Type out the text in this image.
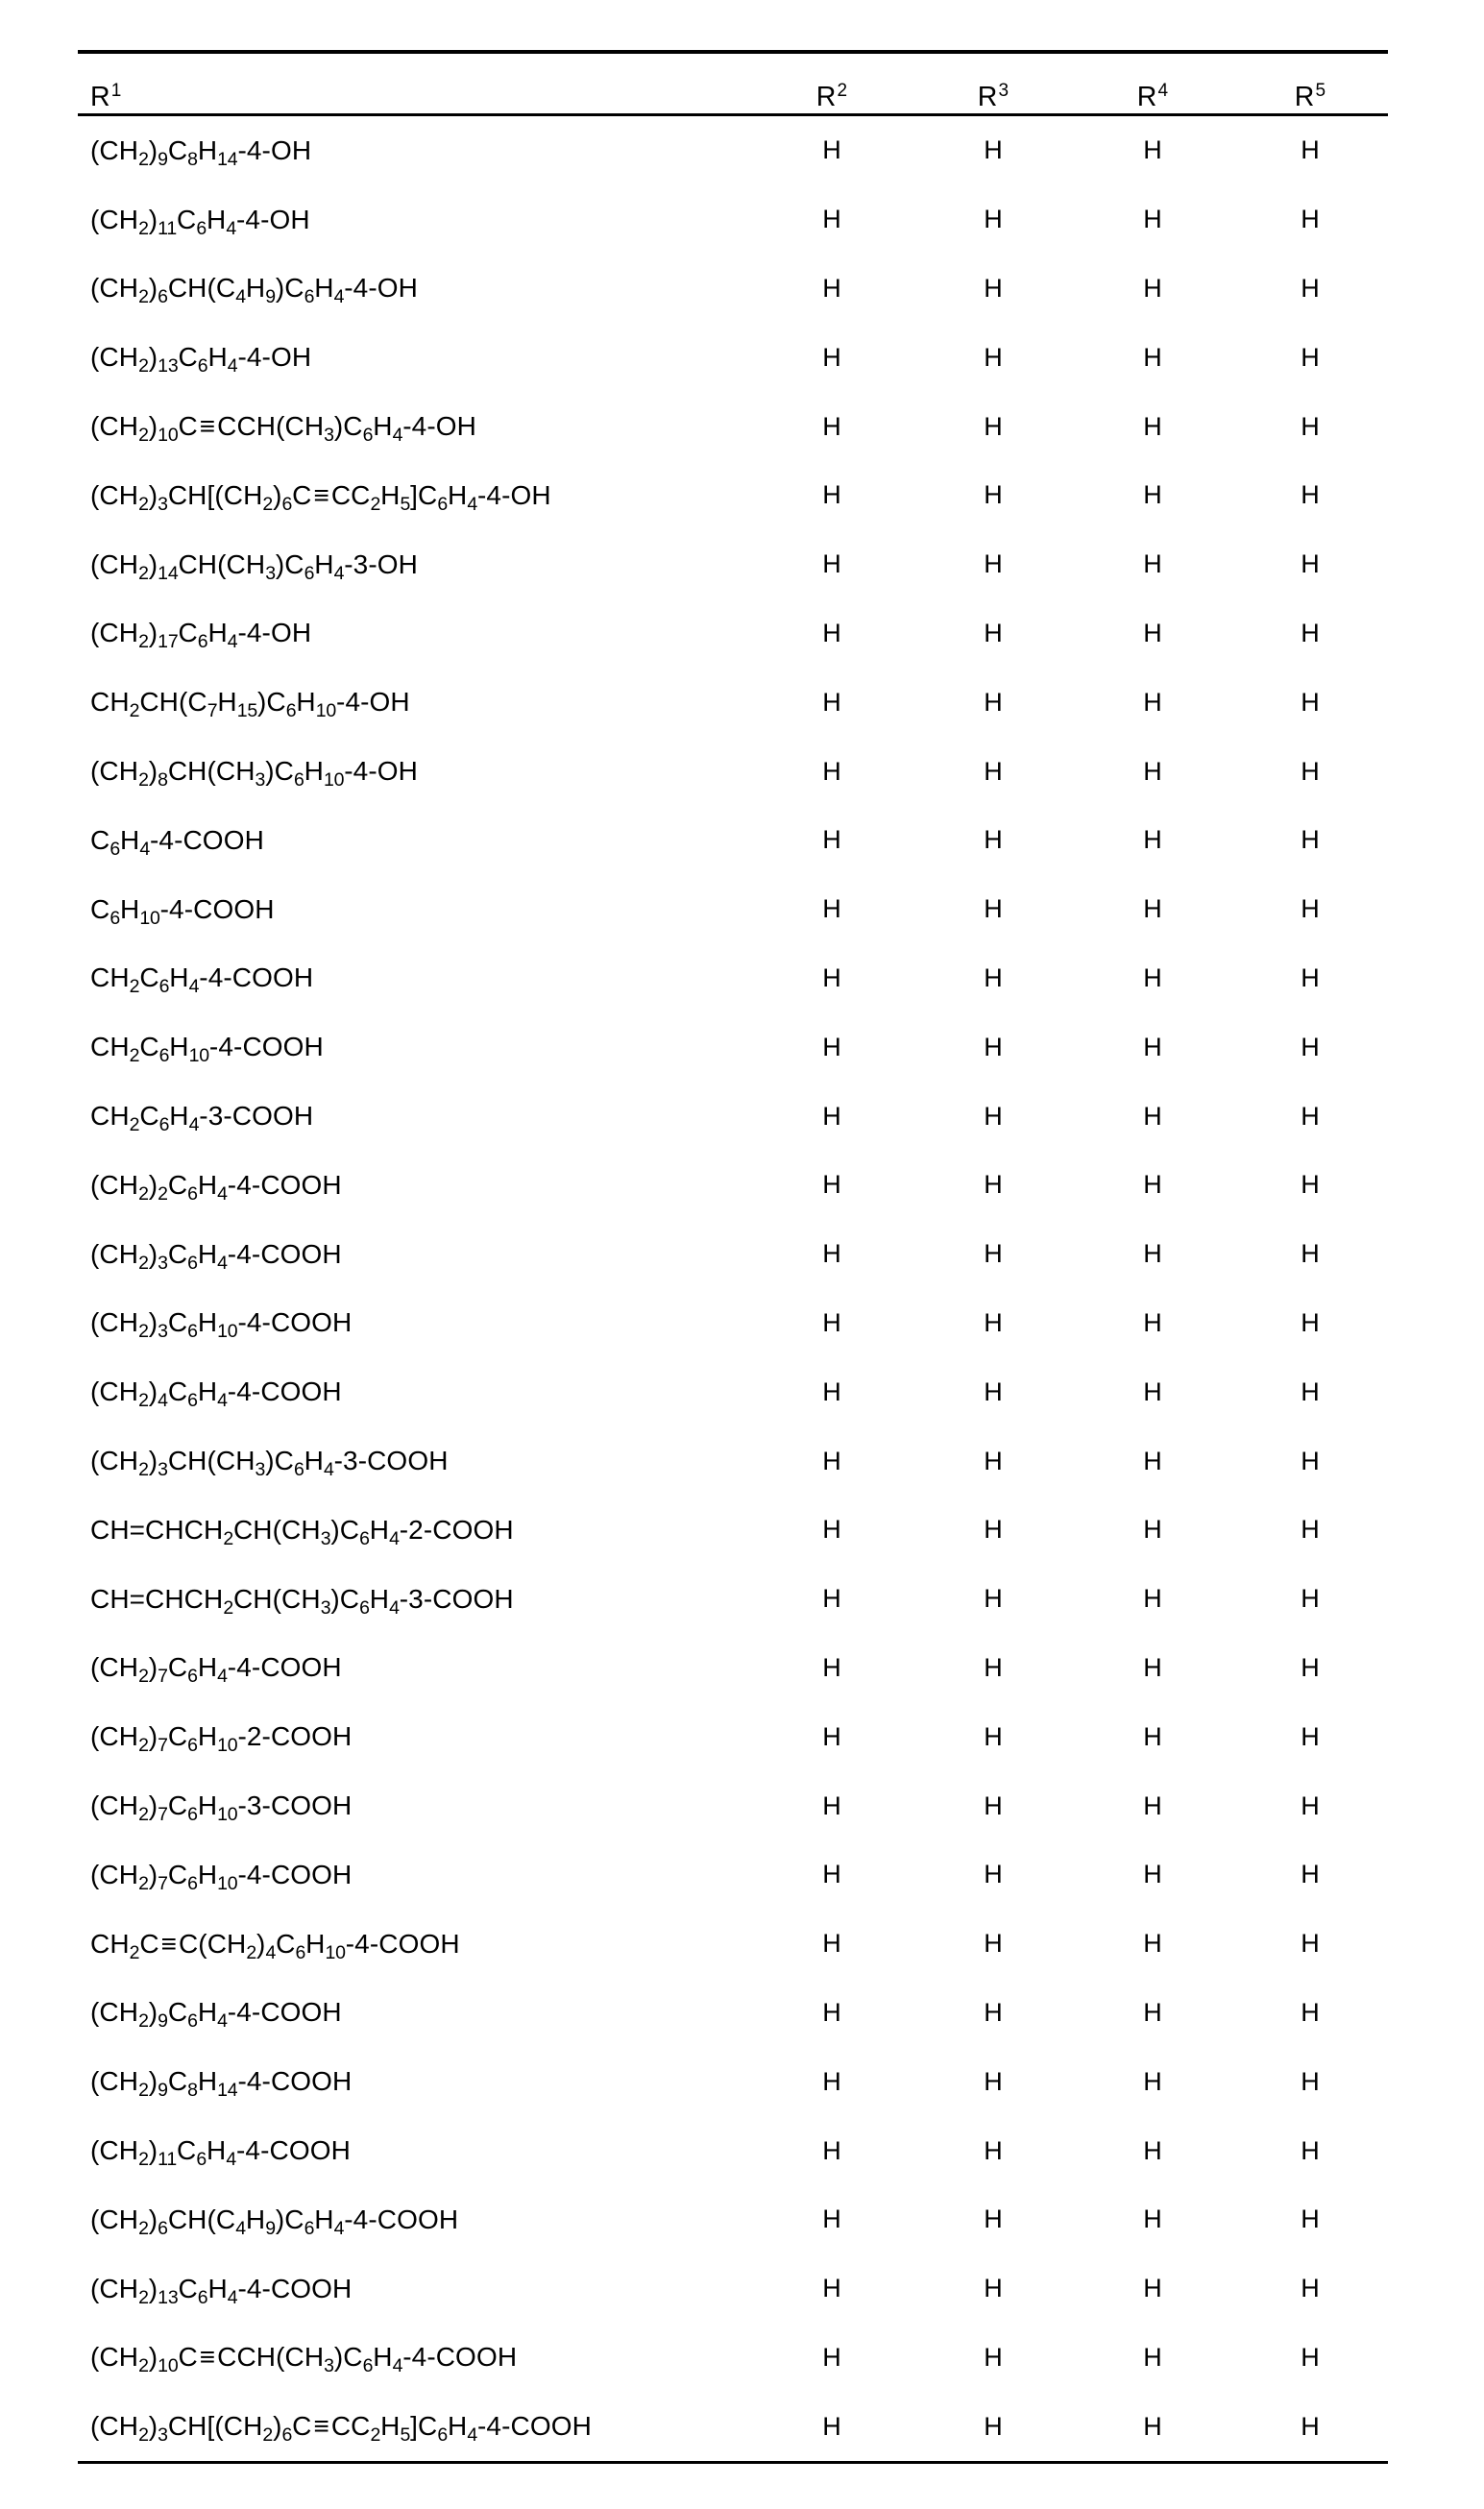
$R^1$	$R^2$	$R^3$	$R^4$	$R^5$

$(CH_2)_9C_8H_{14}-4-OH$	H	H	H	H
$(CH_2)_{11}C_6H_4-4-OH$	H	H	H	H
$(CH_2)_6CH(C_4H_9)C_6H_4-4-OH$	H	H	H	H
$(CH_2)_{13}C_6H_4-4-OH$	H	H	H	H
$(CH_2)_{10}C\equiv CCH(CH_3)C_6H_4-4-OH$	H	H	H	H
$(CH_2)_3CH[(CH_2)_6C\equiv CC_2H_5]C_6H_4-4-OH$	H	H	H	H
$(CH_2)_{14}CH(CH_3)C_6H_4-3-OH$	H	H	H	H
$(CH_2)_{17}C_6H_4-4-OH$	H	H	H	H
$CH_2CH(C_7H_{15})C_6H_{10}-4-OH$	H	H	H	H
$(CH_2)_8CH(CH_3)C_6H_{10}-4-OH$	H	H	H	H
$C_6H_4-4$-COOH	H	H	H	H
$C_6H_{10}-4$-COOH	H	H	H	H
$CH_2C_6H_4-4$-COOH	H	H	H	H
$CH_2C_6H_{10}-4$-COOH	H	H	H	H
$CH_2C_6H_4-3$-COOH	H	H	H	H
$(CH_2)_2C_6H_4-4$-COOH	H	H	H	H
$(CH_2)_3C_6H_4-4$-COOH	H	H	H	H
$(CH_2)_3C_6H_{10}-4$-COOH	H	H	H	H
$(CH_2)_4C_6H_4-4$-COOH	H	H	H	H
$(CH_2)_3CH(CH_3)C_6H_4-3$-COOH	H	H	H	H
$CH=CHCH_2CH(CH_3)C_6H_4-2$-COOH	H	H	H	H
$CH=CHCH_2CH(CH_3)C_6H_4-3$-COOH	H	H	H	H
$(CH_2)_7C_6H_4-4$-COOH	H	H	H	H
$(CH_2)_7C_6H_{10}-2$-COOH	H	H	H	H
$(CH_2)_7C_6H_{10}-3$-COOH	H	H	H	H
$(CH_2)_7C_6H_{10}-4$-COOH	H	H	H	H
$CH_2C\equiv C(CH_2)_4C_6H_{10}-4$-COOH	H	H	H	H
$(CH_2)_9C_6H_4-4$-COOH	H	H	H	H
$(CH_2)_9C_8H_{14}-4$-COOH	H	H	H	H
$(CH_2)_{11}C_6H_4-4$-COOH	H	H	H	H
$(CH_2)_6CH(C_4H_9)C_6H_4-4$-COOH	H	H	H	H
$(CH_2)_{13}C_6H_4-4$-COOH	H	H	H	H
$(CH_2)_{10}C\equiv CCH(CH_3)C_6H_4-4$-COOH	H	H	H	H
$(CH_2)_3CH[(CH_2)_6C\equiv CC_2H_5]C_6H_4-4$-COOH	H	H	H	H
